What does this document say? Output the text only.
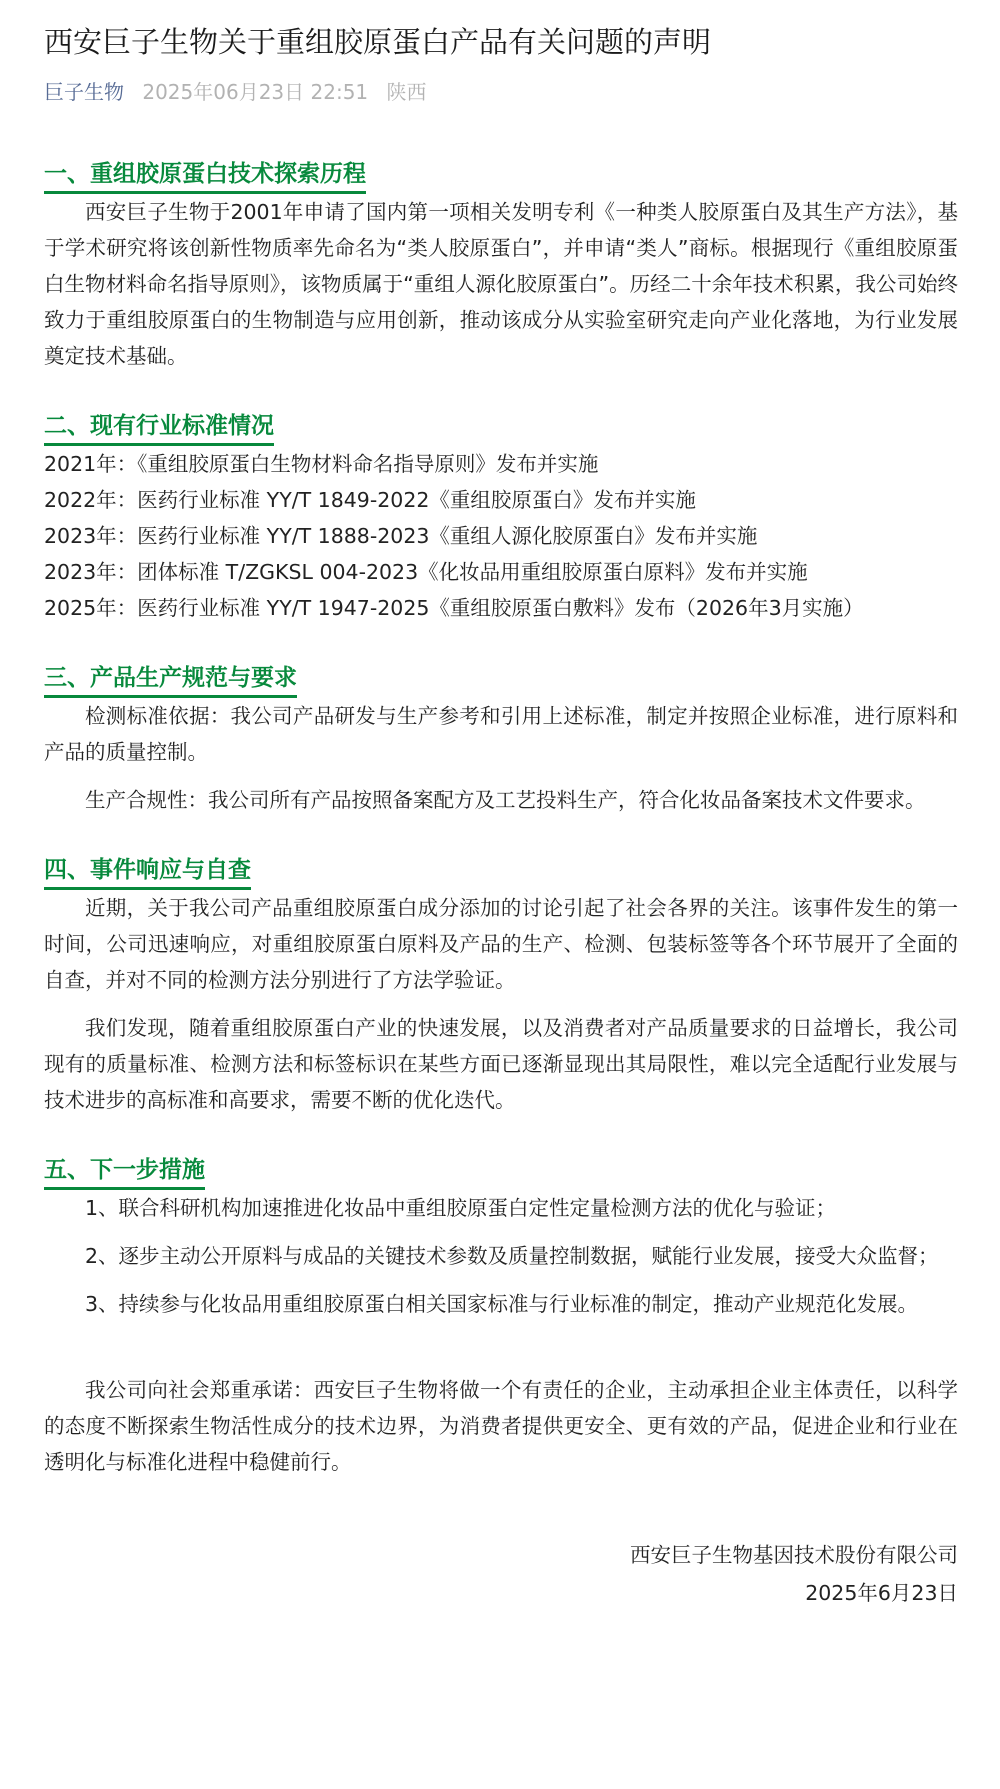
西安巨子生物关于重组胶原蛋白产品有关问题的声明
巨子生物 2025年06月23日 22:51 陕西
一、重组胶原蛋白技术探索历程

西安巨子生物于2001年申请了国内第一项相关发明专利《一种类人胶原蛋白及其生产方法》，基于学术研究将该创新性物质率先命名为“类人胶原蛋白”，并申请“类人”商标。根据现行《重组胶原蛋白生物材料命名指导原则》，该物质属于“重组人源化胶原蛋白”。历经二十余年技术积累，我公司始终致力于重组胶原蛋白的生物制造与应用创新，推动该成分从实验室研究走向产业化落地，为行业发展奠定技术基础。

二、现有行业标准情况
2021年：《重组胶原蛋白生物材料命名指导原则》发布并实施
2022年：医药行业标准 YY/T 1849-2022《重组胶原蛋白》发布并实施
2023年：医药行业标准 YY/T 1888-2023《重组人源化胶原蛋白》发布并实施
2023年：团体标准 T/ZGKSL 004-2023《化妆品用重组胶原蛋白原料》发布并实施
2025年：医药行业标准 YY/T 1947-2025《重组胶原蛋白敷料》发布（2026年3月实施）
三、产品生产规范与要求

检测标准依据：我公司产品研发与生产参考和引用上述标准，制定并按照企业标准，进行原料和产品的质量控制。

生产合规性：我公司所有产品按照备案配方及工艺投料生产，符合化妆品备案技术文件要求。

四、事件响应与自查

近期，关于我公司产品重组胶原蛋白成分添加的讨论引起了社会各界的关注。该事件发生的第一时间，公司迅速响应，对重组胶原蛋白原料及产品的生产、检测、包装标签等各个环节展开了全面的自查，并对不同的检测方法分别进行了方法学验证。

我们发现，随着重组胶原蛋白产业的快速发展，以及消费者对产品质量要求的日益增长，我公司现有的质量标准、检测方法和标签标识在某些方面已逐渐显现出其局限性，难以完全适配行业发展与技术进步的高标准和高要求，需要不断的优化迭代。

五、下一步措施

1、联合科研机构加速推进化妆品中重组胶原蛋白定性定量检测方法的优化与验证；

2、逐步主动公开原料与成品的关键技术参数及质量控制数据，赋能行业发展，接受大众监督；

3、持续参与化妆品用重组胶原蛋白相关国家标准与行业标准的制定，推动产业规范化发展。

我公司向社会郑重承诺：西安巨子生物将做一个有责任的企业，主动承担企业主体责任，以科学的态度不断探索生物活性成分的技术边界，为消费者提供更安全、更有效的产品，促进企业和行业在透明化与标准化进程中稳健前行。

西安巨子生物基因技术股份有限公司
2025年6月23日
